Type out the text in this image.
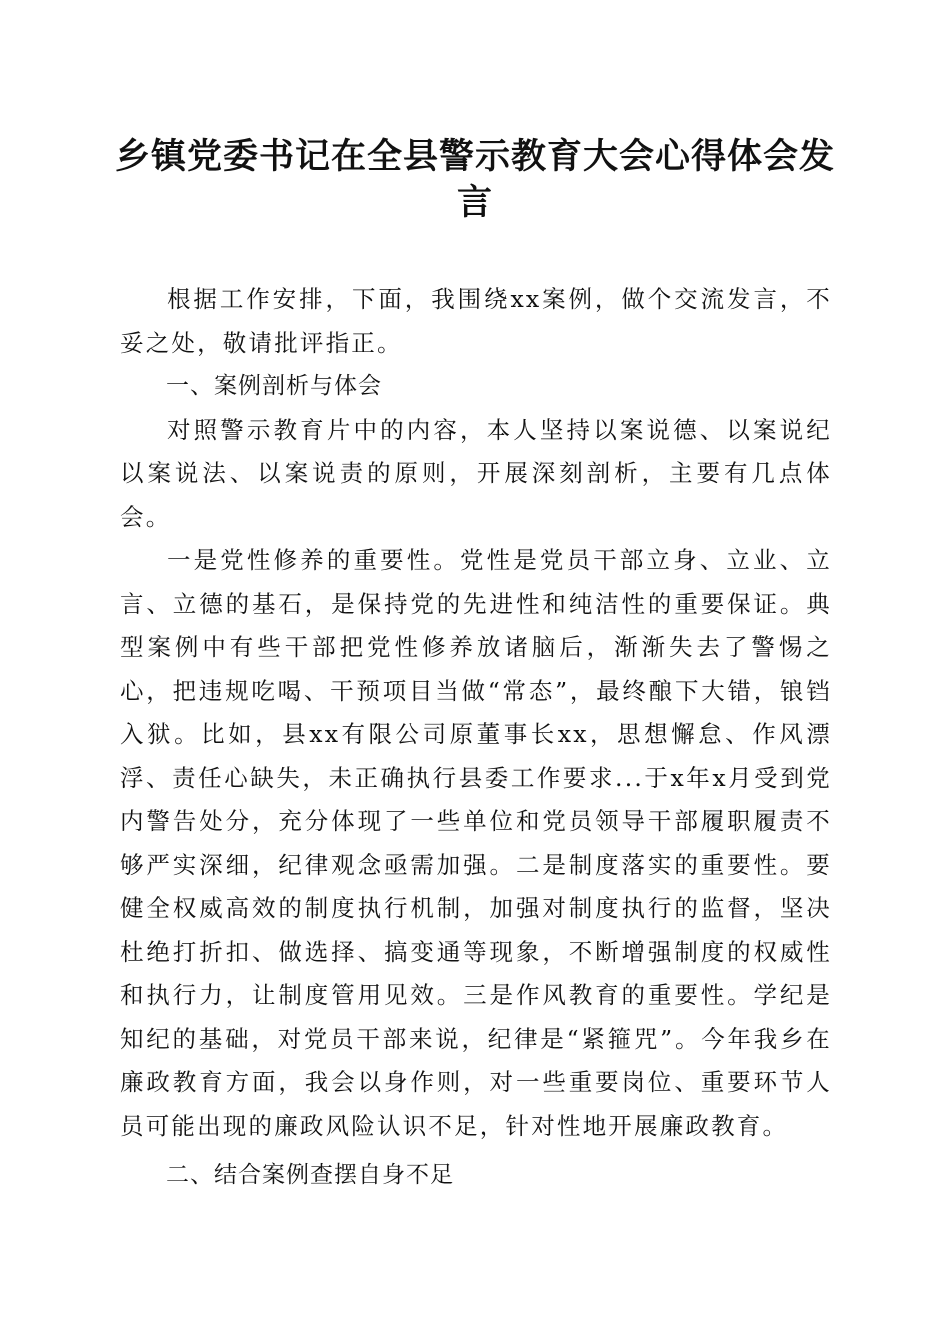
乡镇党委书记在全县警示教育大会心得体会发言

根据工作安排，下面，我围绕xx案例，做个交流发言，不妥之处，敬请批评指正。

一、案例剖析与体会

对照警示教育片中的内容，本人坚持以案说德、以案说纪以案说法、以案说责的原则，开展深刻剖析，主要有几点体会。

一是党性修养的重要性。党性是党员干部立身、立业、立言、立德的基石，是保持党的先进性和纯洁性的重要保证。典型案例中有些干部把党性修养放诸脑后，渐渐失去了警惕之心，把违规吃喝、干预项目当做“常态”，最终酿下大错，锒铛入狱。比如，县xx有限公司原董事长xx，思想懈怠、作风漂浮、责任心缺失，未正确执行县委工作要求...于x年x月受到党内警告处分，充分体现了一些单位和党员领导干部履职履责不够严实深细，纪律观念亟需加强。二是制度落实的重要性。要健全权威高效的制度执行机制，加强对制度执行的监督，坚决杜绝打折扣、做选择、搞变通等现象，不断增强制度的权威性和执行力，让制度管用见效。三是作风教育的重要性。学纪是知纪的基础，对党员干部来说，纪律是“紧箍咒”。今年我乡在廉政教育方面，我会以身作则，对一些重要岗位、重要环节人员可能出现的廉政风险认识不足，针对性地开展廉政教育。

二、结合案例查摆自身不足
